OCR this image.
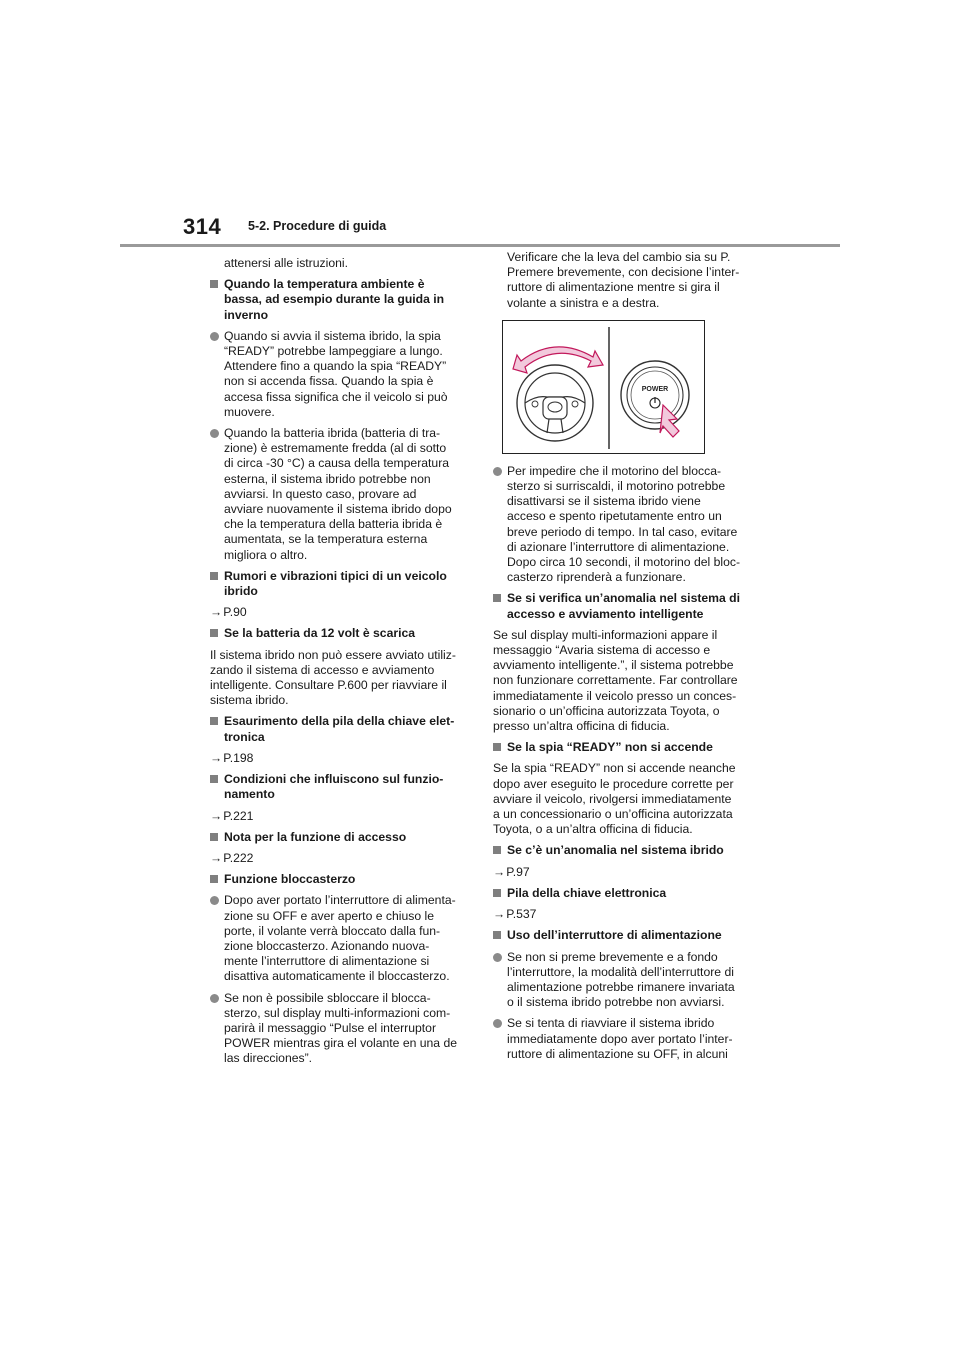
314 5-2. Procedure di guida
attenersi alle istruzioni.
Quando la temperatura ambiente è
bassa, ad esempio durante la guida in
inverno
Quando si avvia il sistema ibrido, la spia
“READY” potrebbe lampeggiare a lungo.
Attendere fino a quando la spia “READY”
non si accenda fissa. Quando la spia è
accesa fissa significa che il veicolo si può
muovere.
Quando la batteria ibrida (batteria di tra-
zione) è estremamente fredda (al di sotto
di circa -30 °C) a causa della temperatura
esterna, il sistema ibrido potrebbe non
avviarsi. In questo caso, provare ad
avviare nuovamente il sistema ibrido dopo
che la temperatura della batteria ibrida è
aumentata, se la temperatura esterna
migliora o altro.
Rumori e vibrazioni tipici di un veicolo
ibrido
→P.90
Se la batteria da 12 volt è scarica
Il sistema ibrido non può essere avviato utiliz-
zando il sistema di accesso e avviamento
intelligente. Consultare P.600 per riavviare il
sistema ibrido.
Esaurimento della pila della chiave elet-
tronica
→P.198
Condizioni che influiscono sul funzio-
namento
→P.221
Nota per la funzione di accesso
→P.222
Funzione bloccasterzo
Dopo aver portato l’interruttore di alimenta-
zione su OFF e aver aperto e chiuso le
porte, il volante verrà bloccato dalla fun-
zione bloccasterzo. Azionando nuova-
mente l’interruttore di alimentazione si
disattiva automaticamente il bloccasterzo.
Se non è possibile sbloccare il blocca-
sterzo, sul display multi-informazioni com-
parirà il messaggio “Pulse el interruptor
POWER mientras gira el volante en una de
las direcciones”.
Verificare che la leva del cambio sia su P.
Premere brevemente, con decisione l’inter-
ruttore di alimentazione mentre si gira il
volante a sinistra e a destra.
POWER
Per impedire che il motorino del blocca-
sterzo si surriscaldi, il motorino potrebbe
disattivarsi se il sistema ibrido viene
acceso e spento ripetutamente entro un
breve periodo di tempo. In tal caso, evitare
di azionare l’interruttore di alimentazione.
Dopo circa 10 secondi, il motorino del bloc-
casterzo riprenderà a funzionare.
Se si verifica un’anomalia nel sistema di
accesso e avviamento intelligente
Se sul display multi-informazioni appare il
messaggio “Avaria sistema di accesso e
avviamento intelligente.”, il sistema potrebbe
non funzionare correttamente. Far controllare
immediatamente il veicolo presso un conces-
sionario o un’officina autorizzata Toyota, o
presso un’altra officina di fiducia.
Se la spia “READY” non si accende
Se la spia “READY” non si accende neanche
dopo aver eseguito le procedure corrette per
avviare il veicolo, rivolgersi immediatamente
a un concessionario o un’officina autorizzata
Toyota, o a un’altra officina di fiducia.
Se c’è un’anomalia nel sistema ibrido
→P.97
Pila della chiave elettronica
→P.537
Uso dell’interruttore di alimentazione
Se non si preme brevemente e a fondo
l’interruttore, la modalità dell’interruttore di
alimentazione potrebbe rimanere invariata
o il sistema ibrido potrebbe non avviarsi.
Se si tenta di riavviare il sistema ibrido
immediatamente dopo aver portato l’inter-
ruttore di alimentazione su OFF, in alcuni
